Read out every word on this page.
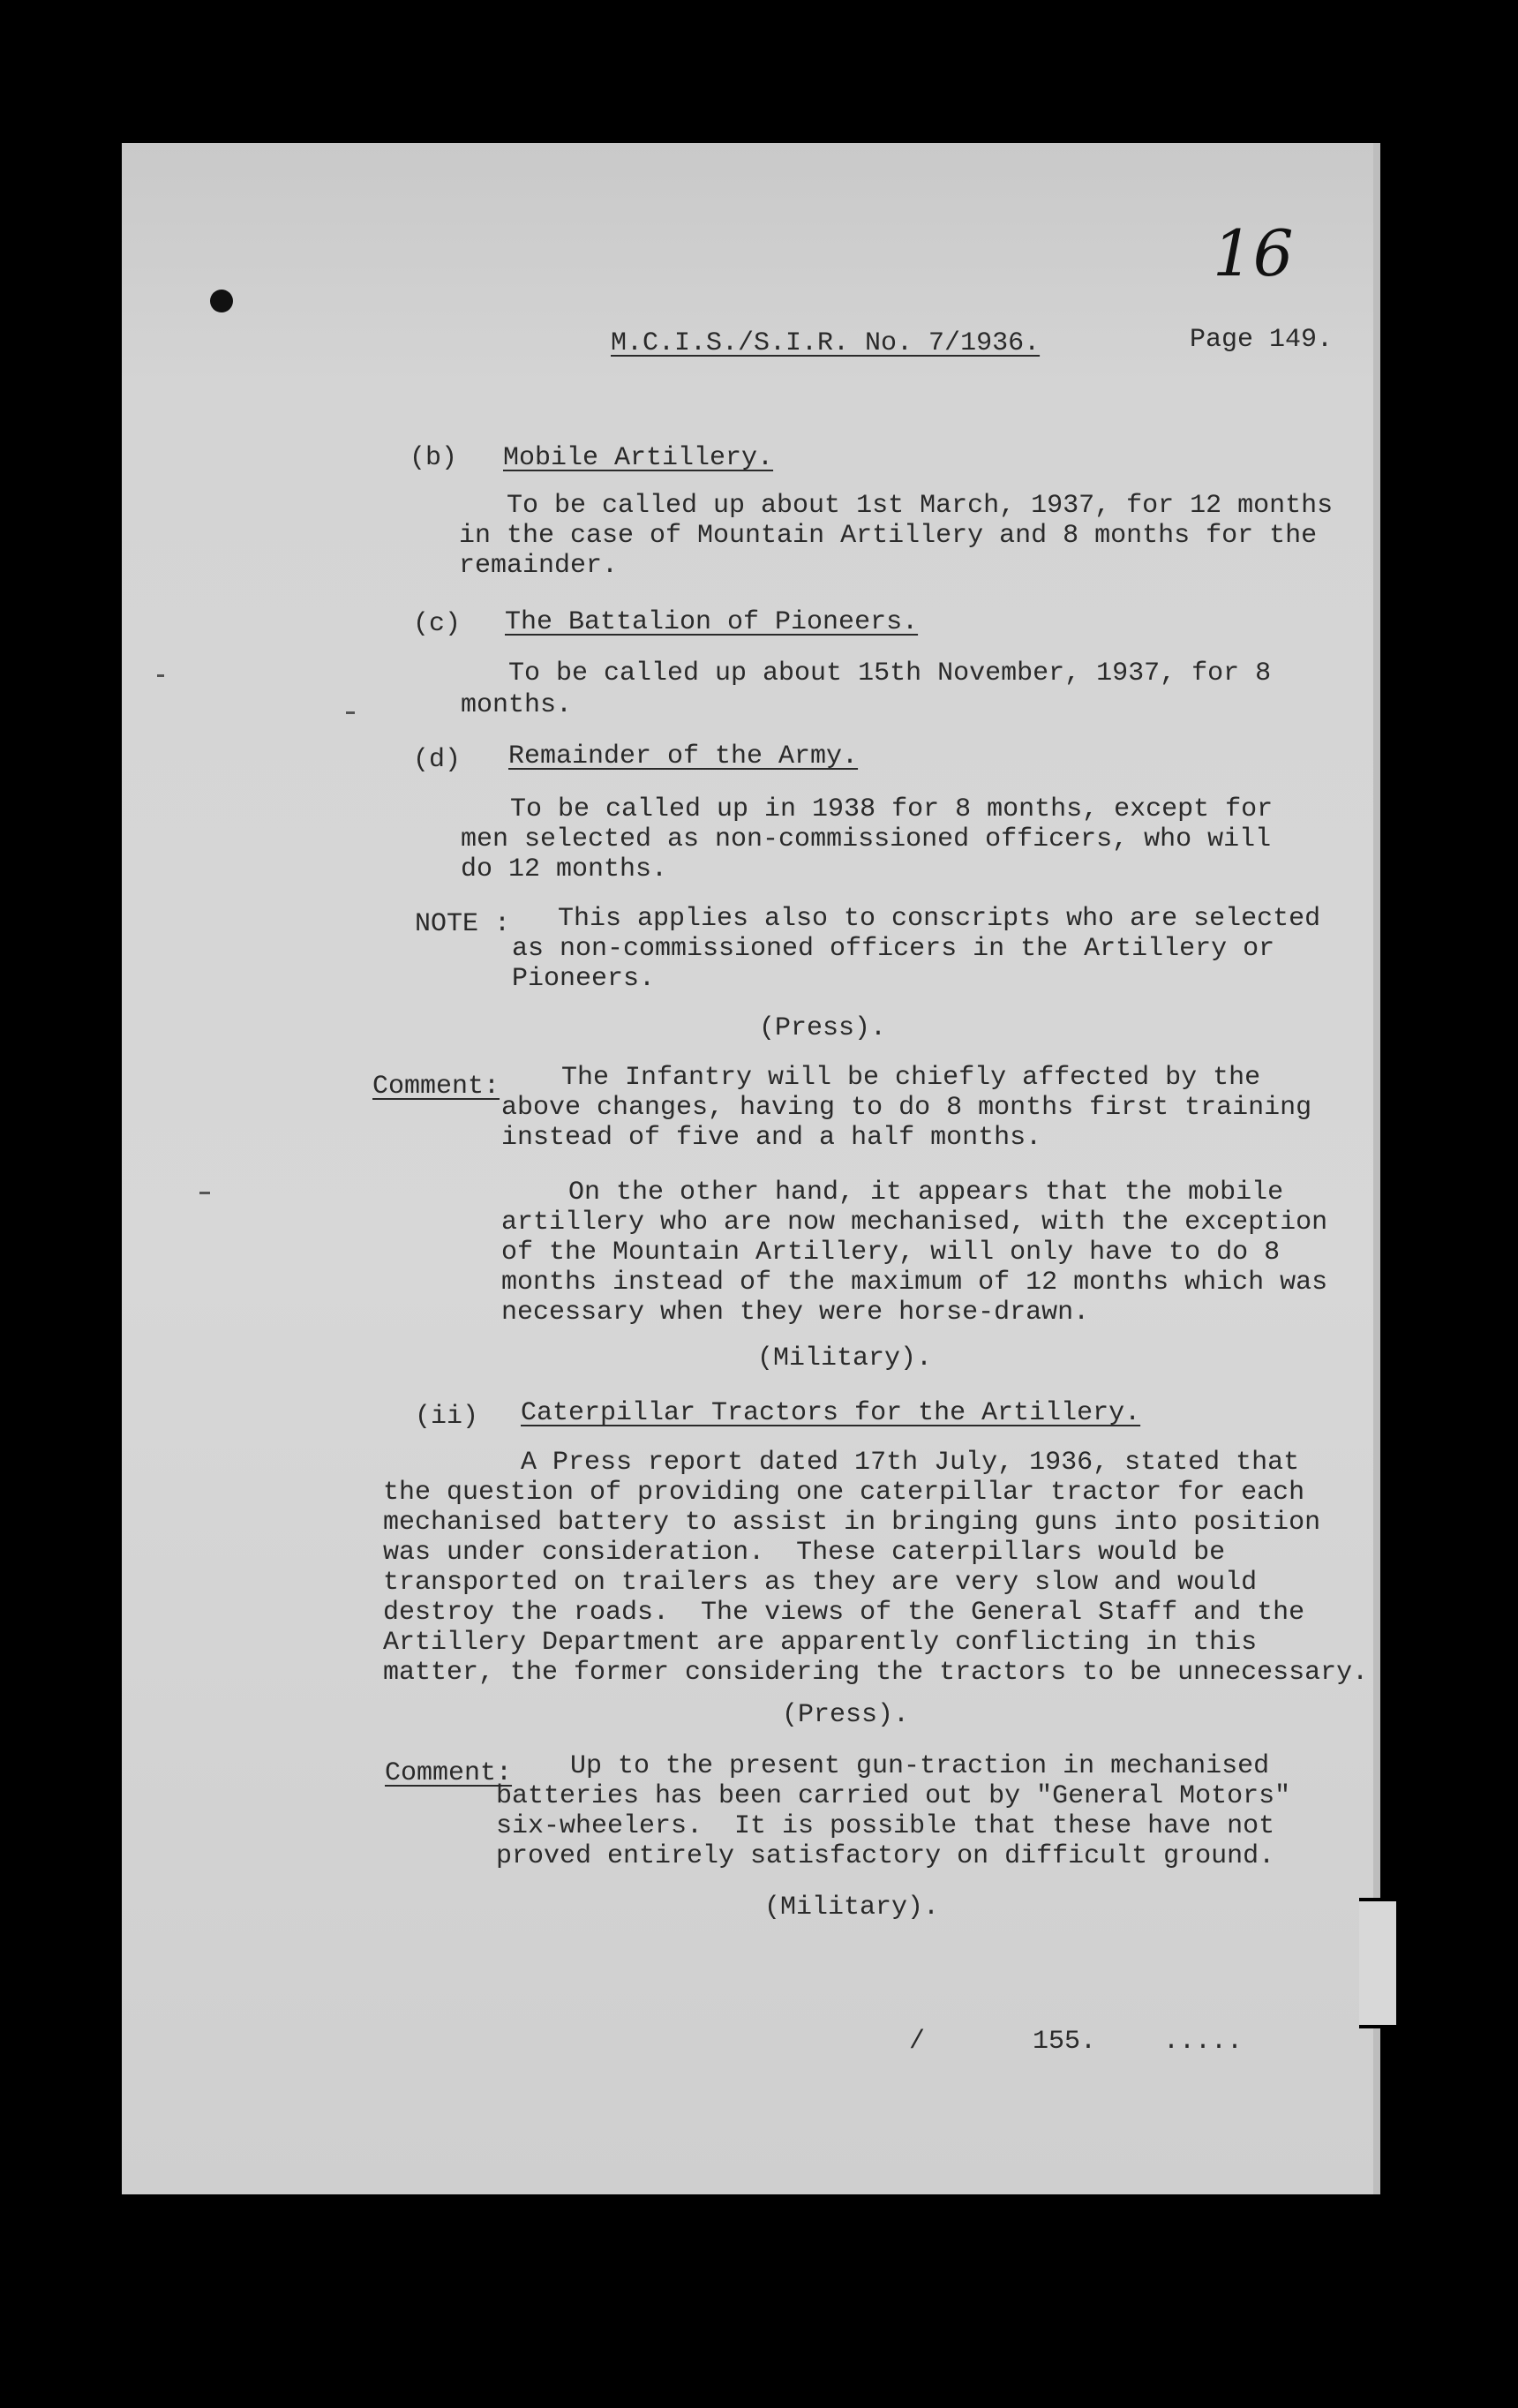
16
M.C.I.S./S.I.R. No. 7/1936.	Page 149.
(b) Mobile Artillery.
To be called up about 1st March, 1937, for 12 months
in the case of Mountain Artillery and 8 months for the
remainder.
(c) The Battalion of Pioneers.
To be called up about 15th November, 1937, for 8
months.
(d) Remainder of the Army.
To be called up in 1938 for 8 months, except for
men selected as non-commissioned officers, who will
do 12 months.
NOTE : This applies also to conscripts who are selected
as non-commissioned officers in the Artillery or
Pioneers.
(Press).
Comment: The Infantry will be chiefly affected by the
above changes, having to do 8 months first training
instead of five and a half months.
On the other hand, it appears that the mobile
artillery who are now mechanised, with the exception
of the Mountain Artillery, will only have to do 8
months instead of the maximum of 12 months which was
necessary when they were horse-drawn.
(Military).
(ii) Caterpillar Tractors for the Artillery.
A Press report dated 17th July, 1936, stated that
the question of providing one caterpillar tractor for each
mechanised battery to assist in bringing guns into position
was under consideration.  These caterpillars would be
transported on trailers as they are very slow and would
destroy the roads.  The views of the General Staff and the
Artillery Department are apparently conflicting in this
matter, the former considering the tractors to be unnecessary.
(Press).
Comment: Up to the present gun-traction in mechanised
batteries has been carried out by "General Motors"
six-wheelers.  It is possible that these have not
proved entirely satisfactory on difficult ground.
(Military).
/	155.	.....
